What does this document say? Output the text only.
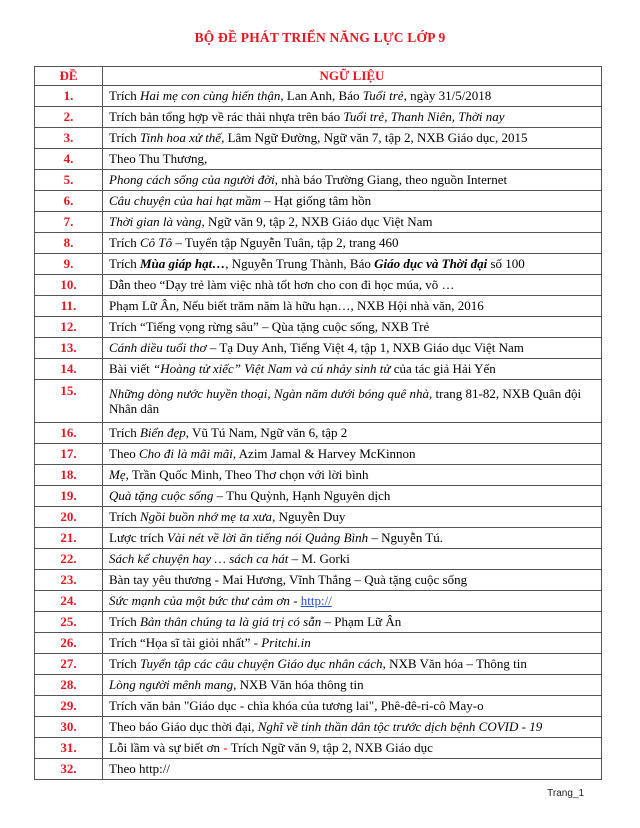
BỘ ĐỀ PHÁT TRIỂN NĂNG LỰC LỚP 9
ĐỀ	NGỮ LIỆU
1.	Trích Hai mẹ con cùng hiến thận, Lan Anh, Báo Tuổi trẻ, ngày 31/5/2018
2.	Trích bản tổng hợp về rác thải nhựa trên báo Tuổi trẻ, Thanh Niên, Thời nay
3.	Trích Tinh hoa xử thế, Lâm Ngữ Đường, Ngữ văn 7, tập 2, NXB Giáo dục, 2015
4.	Theo Thu Thương,
5.	Phong cách sống của người đời, nhà báo Trường Giang, theo nguồn Internet
6.	Câu chuyện của hai hạt mầm – Hạt giống tâm hồn
7.	Thời gian là vàng, Ngữ văn 9, tập 2, NXB Giáo dục Việt Nam
8.	Trích Cô Tô – Tuyển tập Nguyễn Tuân, tập 2, trang 460
9.	Trích Mùa giáp hạt…, Nguyễn Trung Thành, Báo Giáo dục và Thời đại số 100
10.	Dẫn theo “Dạy trẻ làm việc nhà tốt hơn cho con đi học múa, võ …
11.	Phạm Lữ Ân, Nếu biết trăm năm là hữu hạn…, NXB Hội nhà văn, 2016
12.	Trích “Tiếng vọng rừng sâu” – Qùa tặng cuộc sống, NXB Trẻ
13.	Cánh diều tuổi thơ – Tạ Duy Anh, Tiếng Việt 4, tập 1, NXB Giáo dục Việt Nam
14.	Bài viết “Hoàng tử xiếc” Việt Nam và cú nhảy sinh tử của tác giả Hải Yến
15.	Những dòng nước huyền thoại, Ngàn năm dưới bóng quê nhà, trang 81-82, NXB Quân đội Nhân dân
16.	Trích Biển đẹp, Vũ Tú Nam, Ngữ văn 6, tập 2
17.	Theo Cho đi là mãi mãi, Azim Jamal & Harvey McKinnon
18.	Mẹ, Trần Quốc Minh, Theo Thơ chọn với lời bình
19.	Quà tặng cuộc sống – Thu Quỳnh, Hạnh Nguyên dịch
20.	Trích Ngồi buồn nhớ mẹ ta xưa, Nguyễn Duy
21.	Lược trích Vài nét về lời ăn tiếng nói Quảng Bình – Nguyễn Tú.
22.	Sách kể chuyện hay … sách ca hát – M. Gorki
23.	Bàn tay yêu thương - Mai Hương, Vĩnh Thắng – Quà tặng cuộc sống
24.	Sức mạnh của một bức thư cảm ơn - http://
25.	Trích Bản thân chúng ta là giá trị có sẵn – Phạm Lữ Ân
26.	Trích “Họa sĩ tài giỏi nhất” - Pritchi.in
27.	Trích Tuyển tập các câu chuyện Giáo dục nhân cách, NXB Văn hóa – Thông tin
28.	Lòng người mênh mang, NXB Văn hóa thông tin
29.	Trích văn bản "Giáo dục - chìa khóa của tương lai", Phê-đê-ri-cô May-o
30.	Theo báo Giáo dục thời đại, Nghĩ về tinh thần dân tộc trước dịch bệnh COVID - 19
31.	Lỗi lầm và sự biết ơn - Trích Ngữ văn 9, tập 2, NXB Giáo dục
32.	Theo http://
Trang_1
